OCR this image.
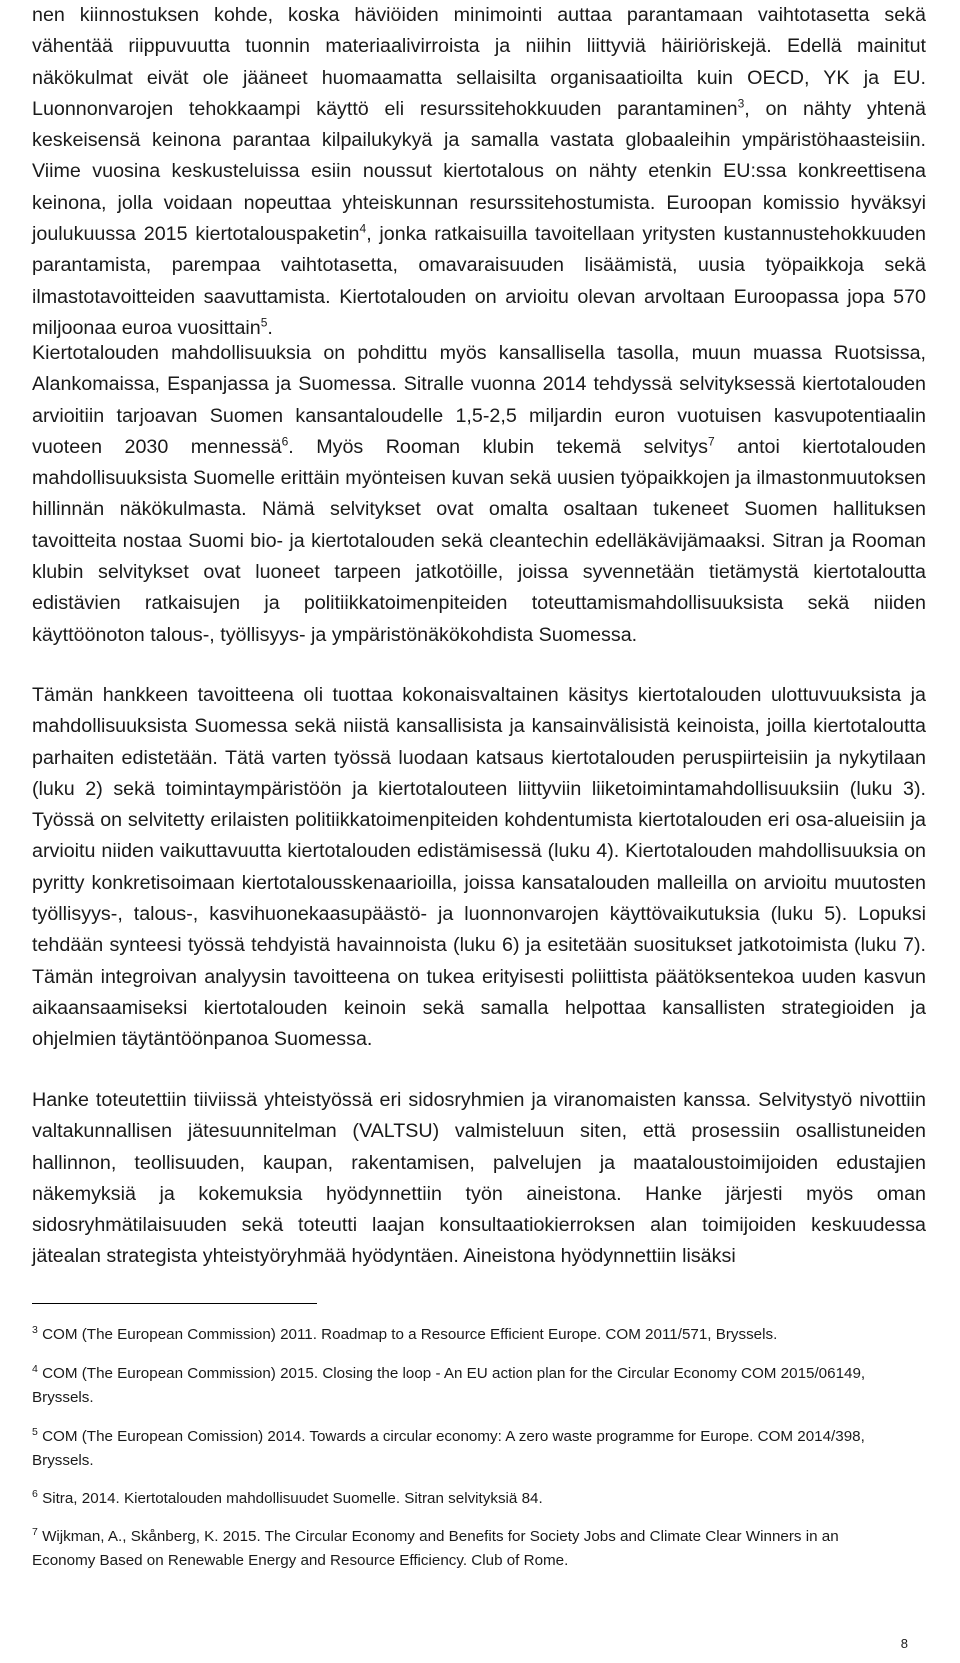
nen kiinnostuksen kohde, koska häviöiden minimointi auttaa parantamaan vaihtotasetta sekä vähentää riippuvuutta tuonnin materiaalivirroista ja niihin liittyviä häiriöriskejä. Edellä mainitut näkökulmat eivät ole jääneet huomaamatta sellaisilta organisaatioilta kuin OECD, YK ja EU. Luonnonvarojen tehokkaampi käyttö eli resurssitehokkuuden parantaminen$^3$, on nähty yhtenä keskeisensä keinona parantaa kilpailukykyä ja samalla vastata globaaleihin ympäristöhaasteisiin. Viime vuosina keskusteluissa esiin noussut kiertotalous on nähty etenkin EU:ssa konkreettisena keinona, jolla voidaan nopeuttaa yhteiskunnan resurssitehostumista. Euroopan komissio hyväksyi joulukuussa 2015 kiertotalouspaketin$^4$, jonka ratkaisuilla tavoitellaan yritysten kustannustehokkuuden parantamista, parempaa vaihtotasetta, omavaraisuuden lisäämistä, uusia työpaikkoja sekä ilmastotavoitteiden saavuttamista. Kiertotalouden on arvioitu olevan arvoltaan Euroopassa jopa 570 miljoonaa euroa vuosittain$^5$.

Kiertotalouden mahdollisuuksia on pohdittu myös kansallisella tasolla, muun muassa Ruotsissa, Alankomaissa, Espanjassa ja Suomessa. Sitralle vuonna 2014 tehdyssä selvityksessä kiertotalouden arvioitiin tarjoavan Suomen kansantaloudelle 1,5-2,5 miljardin euron vuotuisen kasvupotentiaalin vuoteen 2030 mennessä$^6$. Myös Rooman klubin tekemä selvitys$^7$ antoi kiertotalouden mahdollisuuksista Suomelle erittäin myönteisen kuvan sekä uusien työpaikkojen ja ilmastonmuutoksen hillinnän näkökulmasta. Nämä selvitykset ovat omalta osaltaan tukeneet Suomen hallituksen tavoitteita nostaa Suomi bio- ja kiertotalouden sekä cleantechin edelläkävijämaaksi. Sitran ja Rooman klubin selvitykset ovat luoneet tarpeen jatkotöille, joissa syvennetään tietämystä kiertotaloutta edistävien ratkaisujen ja politiikkatoimenpiteiden toteuttamismahdollisuuksista sekä niiden käyttöönoton talous-, työllisyys- ja ympäristönäkökohdista Suomessa.

Tämän hankkeen tavoitteena oli tuottaa kokonaisvaltainen käsitys kiertotalouden ulottuvuuksista ja mahdollisuuksista Suomessa sekä niistä kansallisista ja kansainvälisistä keinoista, joilla kiertotaloutta parhaiten edistetään. Tätä varten työssä luodaan katsaus kiertotalouden peruspiirteisiin ja nykytilaan (luku 2) sekä toimintaympäristöön ja kiertotalouteen liittyviin liiketoimintamahdollisuuksiin (luku 3). Työssä on selvitetty erilaisten politiikkatoimenpiteiden kohdentumista kiertotalouden eri osa-alueisiin ja arvioitu niiden vaikuttavuutta kiertotalouden edistämisessä (luku 4). Kiertotalouden mahdollisuuksia on pyritty konkretisoimaan kiertotalousskenaarioilla, joissa kansatalouden malleilla on arvioitu muutosten työllisyys-, talous-, kasvihuonekaasupäästö- ja luonnonvarojen käyttövaikutuksia (luku 5). Lopuksi tehdään synteesi työssä tehdyistä havainnoista (luku 6) ja esitetään suositukset jatkotoimista (luku 7). Tämän integroivan analyysin tavoitteena on tukea erityisesti poliittista päätöksentekoa uuden kasvun aikaansaamiseksi kiertotalouden keinoin sekä samalla helpottaa kansallisten strategioiden ja ohjelmien täytäntöönpanoa Suomessa.

Hanke toteutettiin tiiviissä yhteistyössä eri sidosryhmien ja viranomaisten kanssa. Selvitystyö nivottiin valtakunnallisen jätesuunnitelman (VALTSU) valmisteluun siten, että prosessiin osallistuneiden hallinnon, teollisuuden, kaupan, rakentamisen, palvelujen ja maataloustoimijoiden edustajien näkemyksiä ja kokemuksia hyödynnettiin työn aineistona. Hanke järjesti myös oman sidosryhmätilaisuuden sekä toteutti laajan konsultaatiokierroksen alan toimijoiden keskuudessa jätealan strategista yhteistyöryhmää hyödyntäen. Aineistona hyödynnettiin lisäksi

$^3$ COM (The European Commission) 2011. Roadmap to a Resource Efficient Europe. COM 2011/571, Bryssels.

$^4$ COM (The European Commission) 2015. Closing the loop - An EU action plan for the Circular Economy COM 2015/06149, Bryssels.

$^5$ COM (The European Comission) 2014. Towards a circular economy: A zero waste programme for Europe. COM 2014/398, Bryssels.

$^6$ Sitra, 2014. Kiertotalouden mahdollisuudet Suomelle. Sitran selvityksiä 84.

$^7$ Wijkman, A., Skånberg, K. 2015. The Circular Economy and Benefits for Society Jobs and Climate Clear Winners in an Economy Based on Renewable Energy and Resource Efficiency. Club of Rome.

8
